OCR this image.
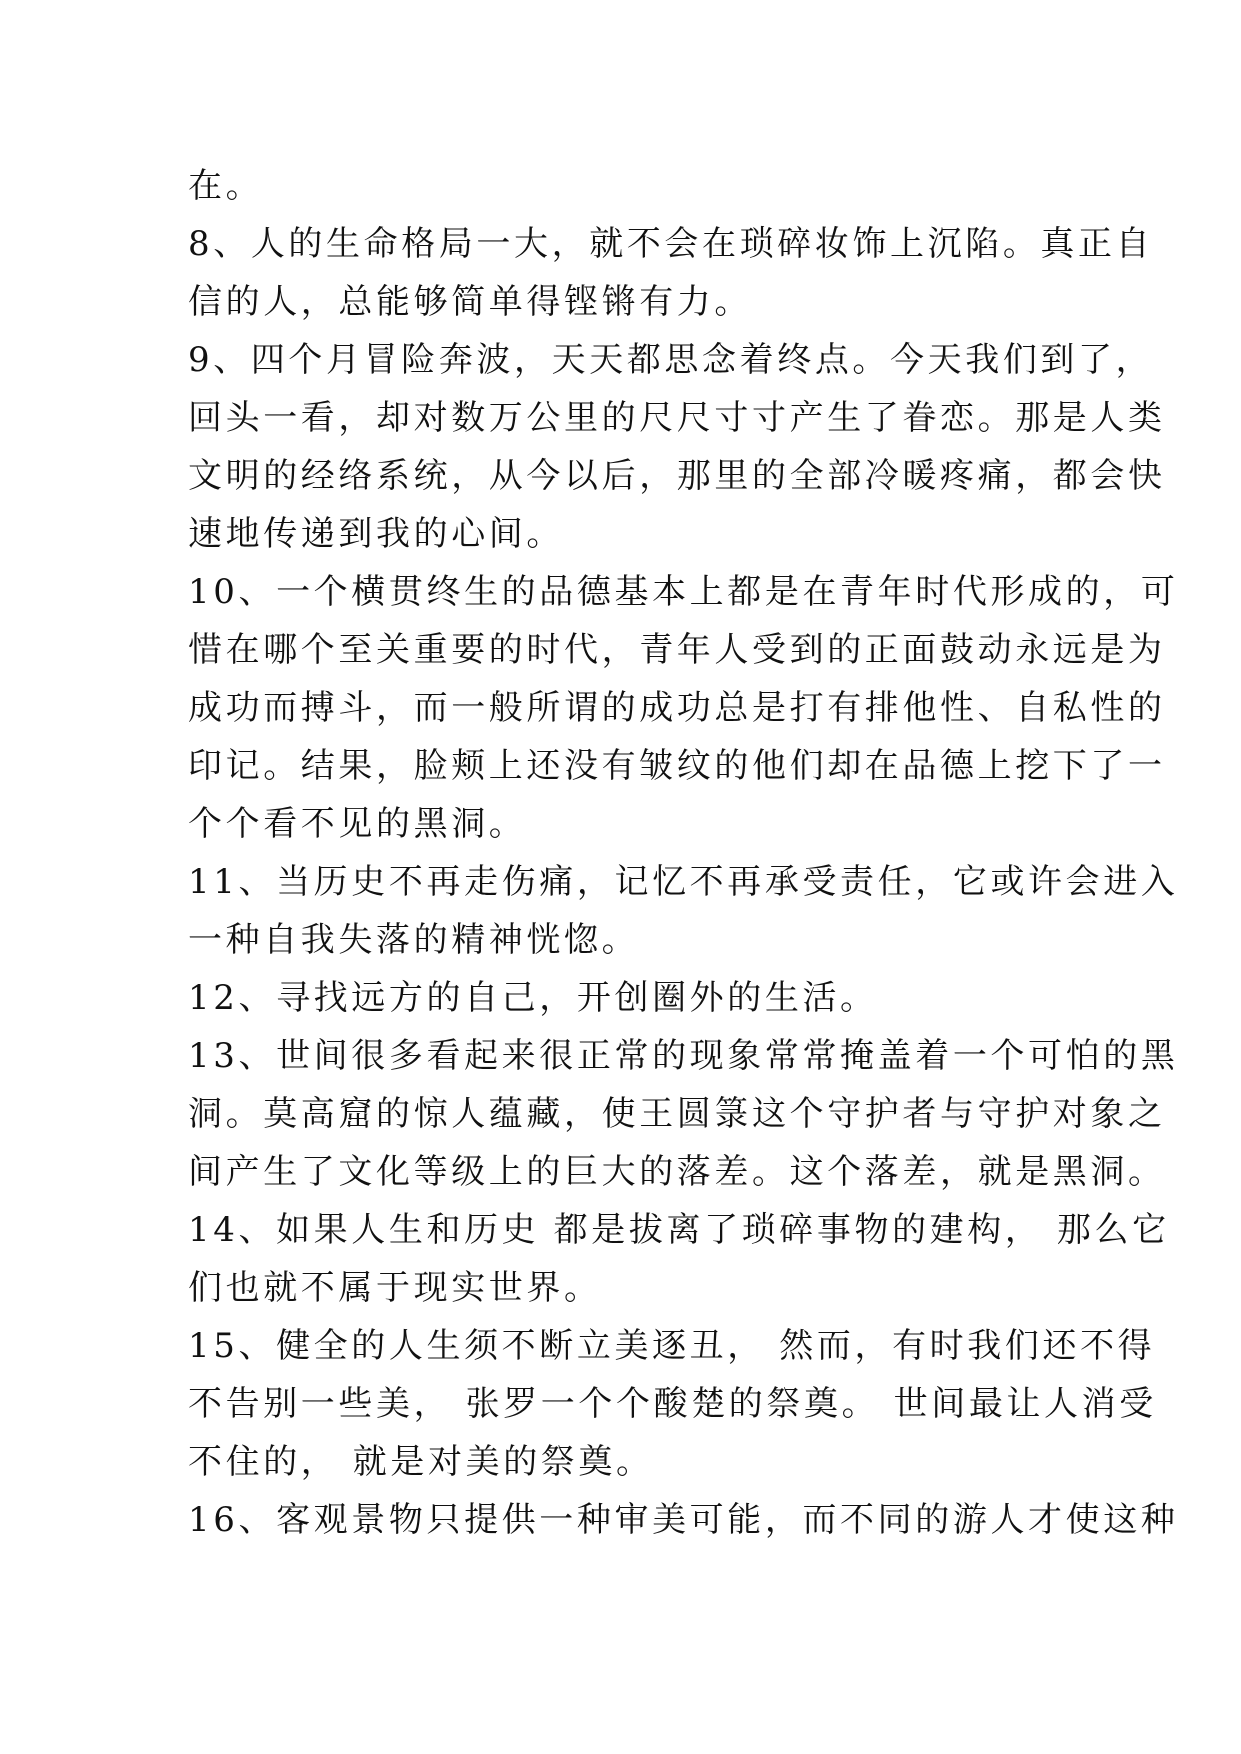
在。
8、人的生命格局一大，就不会在琐碎妆饰上沉陷。真正自
信的人，总能够简单得铿锵有力。
9、四个月冒险奔波，天天都思念着终点。今天我们到了，
回头一看，却对数万公里的尺尺寸寸产生了眷恋。那是人类
文明的经络系统，从今以后，那里的全部冷暖疼痛，都会快
速地传递到我的心间。
10、一个横贯终生的品德基本上都是在青年时代形成的，可
惜在哪个至关重要的时代，青年人受到的正面鼓动永远是为
成功而搏斗，而一般所谓的成功总是打有排他性、自私性的
印记。结果，脸颊上还没有皱纹的他们却在品德上挖下了一
个个看不见的黑洞。
11、当历史不再走伤痛，记忆不再承受责任，它或许会进入
一种自我失落的精神恍惚。
12、寻找远方的自己，开创圈外的生活。
13、世间很多看起来很正常的现象常常掩盖着一个可怕的黑
洞。莫高窟的惊人蕴藏，使王圆箓这个守护者与守护对象之
间产生了文化等级上的巨大的落差。这个落差，就是黑洞。
14、如果人生和历史 都是拔离了琐碎事物的建构， 那么它
们也就不属于现实世界。
15、健全的人生须不断立美逐丑， 然而，有时我们还不得
不告别一些美， 张罗一个个酸楚的祭奠。 世间最让人消受
不住的， 就是对美的祭奠。
16、客观景物只提供一种审美可能，而不同的游人才使这种
